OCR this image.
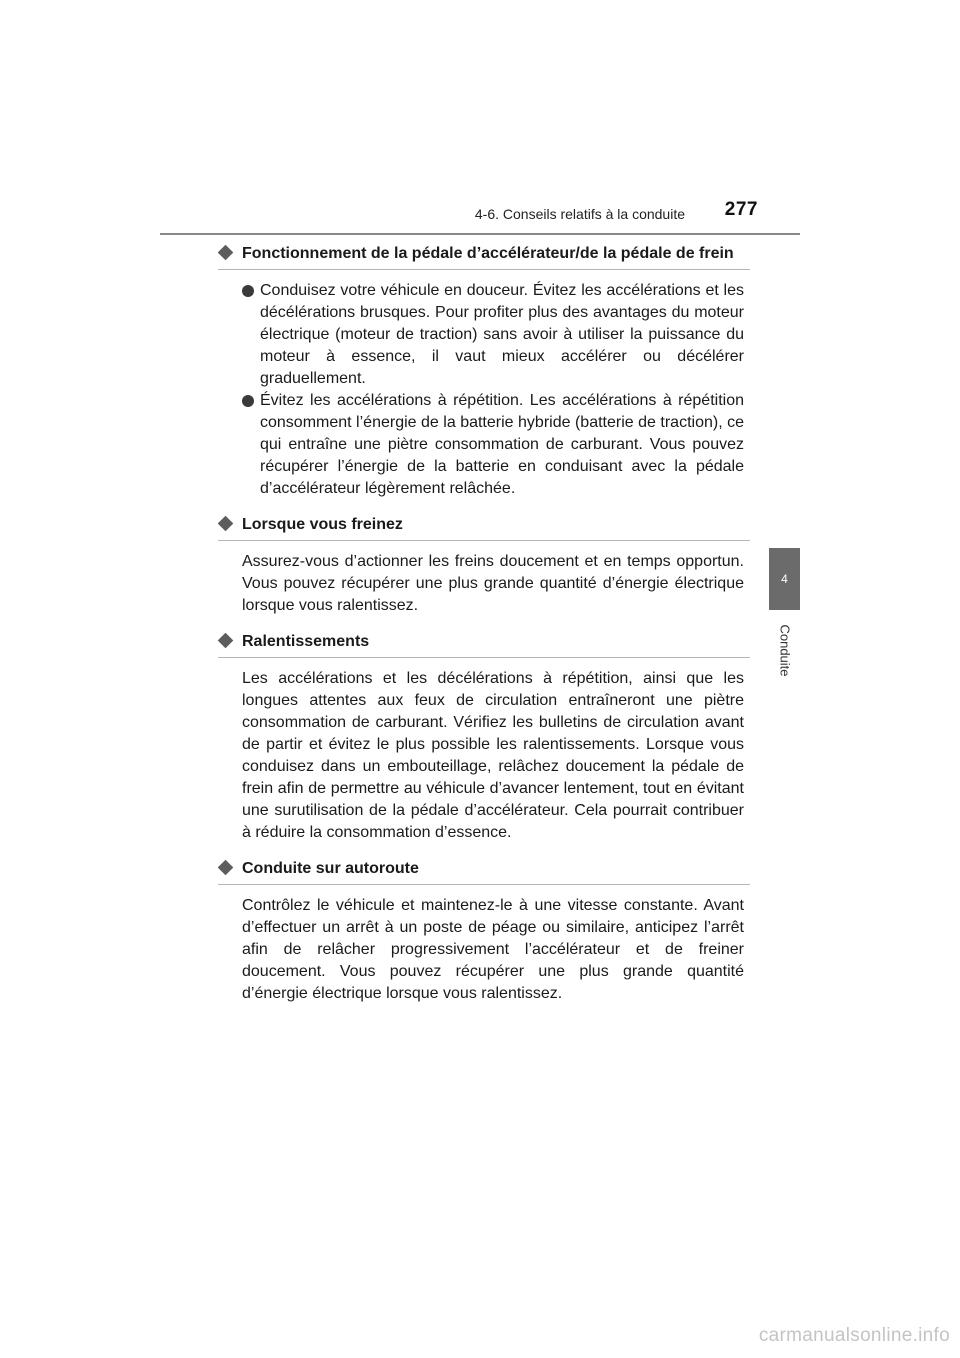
4-6. Conseils relatifs à la conduite 277
4
Conduite
Fonctionnement de la pédale d’accélérateur/de la pédale de frein
Conduisez votre véhicule en douceur. Évitez les accélérations et les décélérations brusques. Pour profiter plus des avantages du moteur électrique (moteur de traction) sans avoir à utiliser la puissance du moteur à essence, il vaut mieux accélérer ou décélérer graduellement.
Évitez les accélérations à répétition. Les accélérations à répétition consomment l’énergie de la batterie hybride (batterie de traction), ce qui entraîne une piètre consommation de carburant. Vous pouvez récupérer l’énergie de la batterie en conduisant avec la pédale d’accélérateur légèrement relâchée.
Lorsque vous freinez
Assurez-vous d’actionner les freins doucement et en temps opportun. Vous pouvez récupérer une plus grande quantité d’énergie électrique lorsque vous ralentissez.
Ralentissements
Les accélérations et les décélérations à répétition, ainsi que les longues attentes aux feux de circulation entraîneront une piètre consommation de carburant. Vérifiez les bulletins de circulation avant de partir et évitez le plus possible les ralentissements. Lorsque vous conduisez dans un embouteillage, relâchez doucement la pédale de frein afin de permettre au véhicule d’avancer lentement, tout en évitant une surutilisation de la pédale d’accélérateur. Cela pourrait contribuer à réduire la consommation d’essence.
Conduite sur autoroute
Contrôlez le véhicule et maintenez-le à une vitesse constante. Avant d’effectuer un arrêt à un poste de péage ou similaire, anticipez l’arrêt afin de relâcher progressivement l’accélérateur et de freiner doucement. Vous pouvez récupérer une plus grande quantité d’énergie électrique lorsque vous ralentissez.
carmanualsonline.info
